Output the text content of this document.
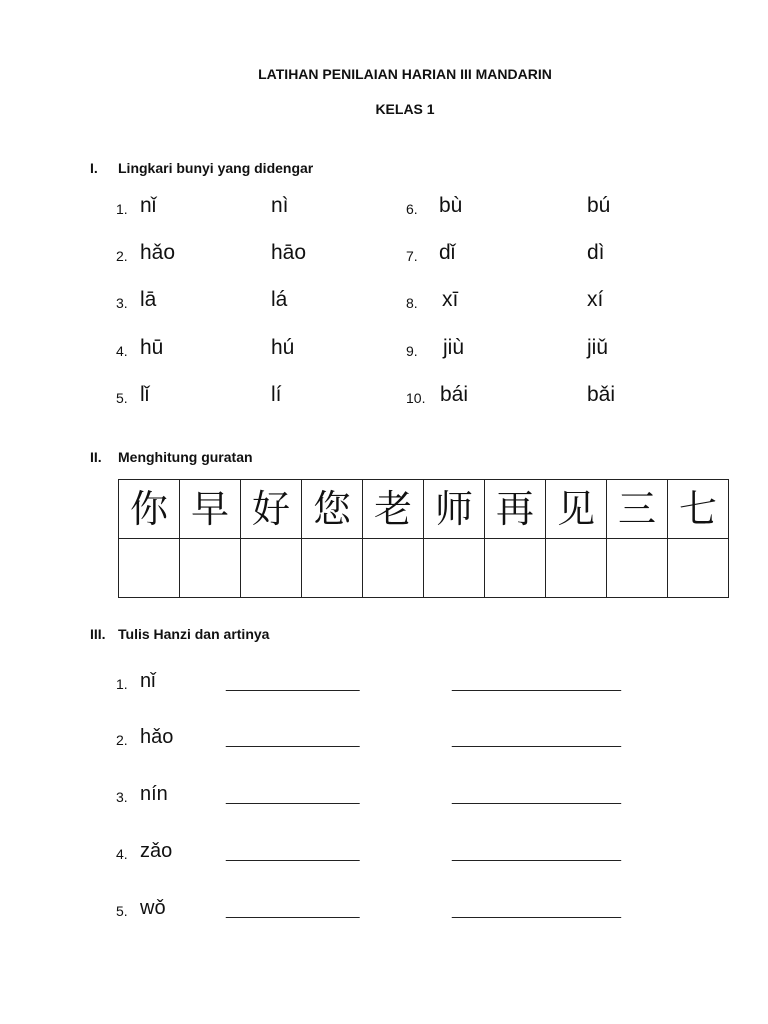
LATIHAN PENILAIAN HARIAN III MANDARIN
KELAS 1
I. Lingkari bunyi yang didengar
1. nǐ	nì
2. hǎo	hāo
3. lā	lá
4. hū	hú
5. lǐ	lí
6. bù	bú
7. dǐ	dì
8. xī	xí
9. jiù	jiǔ
10. bái	bǎi
II. Menghitung guratan
你	早	好	您	老	师	再	见	三	七

III. Tulis Hanzi dan artinya
1. nǐ	_______________	___________________
2. hǎo	_______________	___________________
3. nín	_______________	___________________
4. zǎo	_______________	___________________
5. wǒ	_______________	___________________
